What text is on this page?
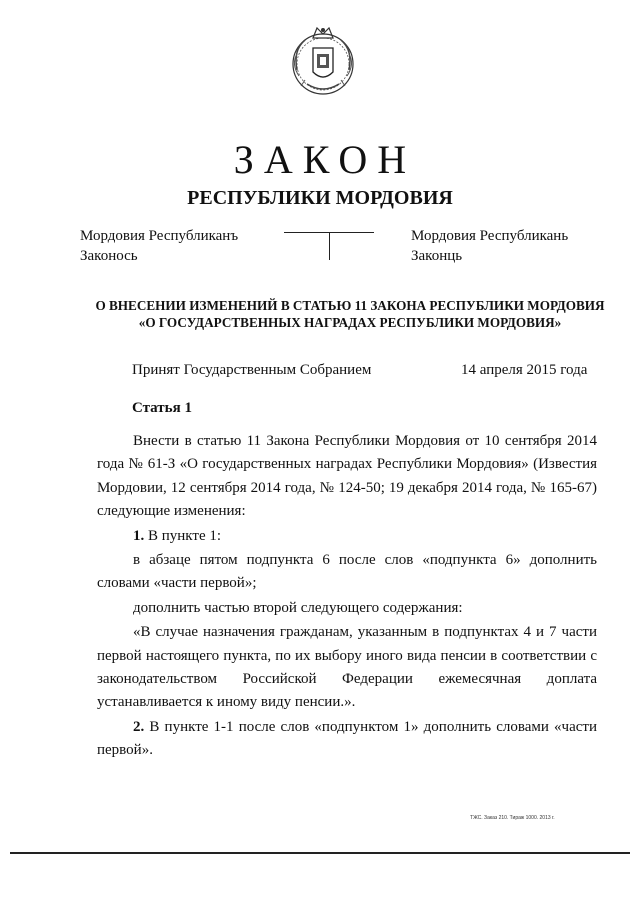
ЗАКОН
РЕСПУБЛИКИ МОРДОВИЯ
Мордовия Республиканъ
Законось
Мордовия Республикань
Законць
О ВНЕСЕНИИ ИЗМЕНЕНИЙ В СТАТЬЮ 11 ЗАКОНА РЕСПУБЛИКИ МОРДОВИЯ
«О ГОСУДАРСТВЕННЫХ НАГРАДАХ РЕСПУБЛИКИ МОРДОВИЯ»
Принят Государственным Собранием	14 апреля 2015 года
Статья 1

Внести в статью 11 Закона Республики Мордовия от 10 сентября 2014 года № 61-З «О государственных наградах Республики Мордовия» (Известия Мордовии, 12 сентября 2014 года, № 124-50; 19 декабря 2014 года, № 165-67) следующие изменения:

1. В пункте 1:

в абзаце пятом подпункта 6 после слов «подпункта 6» дополнить словами «части первой»;

дополнить частью второй следующего содержания:

«В случае назначения гражданам, указанным в подпунктах 4 и 7 части первой настоящего пункта, по их выбору иного вида пенсии в соответствии с законодательством Российской Федерации ежемесячная доплата устанавливается к иному виду пенсии.».

2. В пункте 1-1 после слов «подпунктом 1» дополнить словами «части первой».

ТЖС. Заказ 210. Тираж 1000. 2013 г.
